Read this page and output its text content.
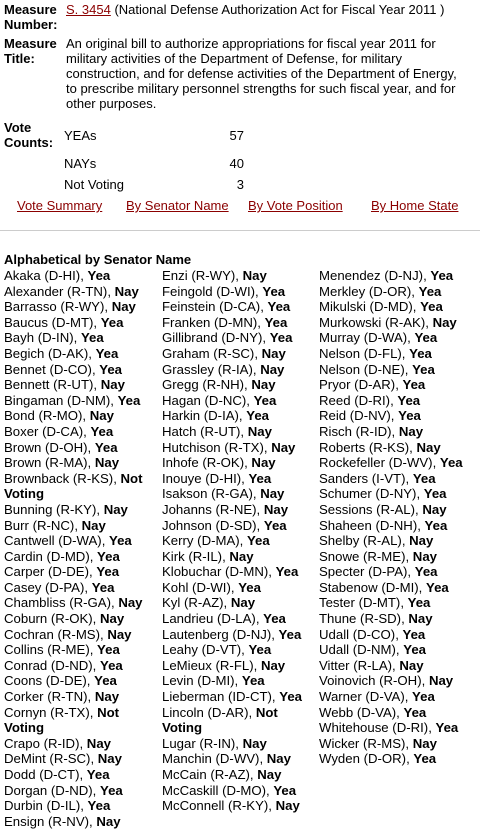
Measure Number:	S. 3454 (National Defense Authorization Act for Fiscal Year 2011 )
Measure Title:	An original bill to authorize appropriations for fiscal year 2011 for military activities of the Department of Defense, for military construction, and for defense activities of the Department of Energy, to prescribe military personnel strengths for such fiscal year, and for other purposes.
Vote Counts: YEAs	57
NAYs	40
Not Voting	3
Vote Summary By Senator Name By Vote Position By Home State
Alphabetical by Senator Name
Akaka (D-HI), Yea
Alexander (R-TN), Nay
Barrasso (R-WY), Nay
Baucus (D-MT), Yea
Bayh (D-IN), Yea
Begich (D-AK), Yea
Bennet (D-CO), Yea
Bennett (R-UT), Nay
Bingaman (D-NM), Yea
Bond (R-MO), Nay
Boxer (D-CA), Yea
Brown (D-OH), Yea
Brown (R-MA), Nay
Brownback (R-KS), Not Voting
Bunning (R-KY), Nay
Burr (R-NC), Nay
Cantwell (D-WA), Yea
Cardin (D-MD), Yea
Carper (D-DE), Yea
Casey (D-PA), Yea
Chambliss (R-GA), Nay
Coburn (R-OK), Nay
Cochran (R-MS), Nay
Collins (R-ME), Yea
Conrad (D-ND), Yea
Coons (D-DE), Yea
Corker (R-TN), Nay
Cornyn (R-TX), Not Voting
Crapo (R-ID), Nay
DeMint (R-SC), Nay
Dodd (D-CT), Yea
Dorgan (D-ND), Yea
Durbin (D-IL), Yea
Ensign (R-NV), Nay
Enzi (R-WY), Nay
Feingold (D-WI), Yea
Feinstein (D-CA), Yea
Franken (D-MN), Yea
Gillibrand (D-NY), Yea
Graham (R-SC), Nay
Grassley (R-IA), Nay
Gregg (R-NH), Nay
Hagan (D-NC), Yea
Harkin (D-IA), Yea
Hatch (R-UT), Nay
Hutchison (R-TX), Nay
Inhofe (R-OK), Nay
Inouye (D-HI), Yea
Isakson (R-GA), Nay
Johanns (R-NE), Nay
Johnson (D-SD), Yea
Kerry (D-MA), Yea
Kirk (R-IL), Nay
Klobuchar (D-MN), Yea
Kohl (D-WI), Yea
Kyl (R-AZ), Nay
Landrieu (D-LA), Yea
Lautenberg (D-NJ), Yea
Leahy (D-VT), Yea
LeMieux (R-FL), Nay
Levin (D-MI), Yea
Lieberman (ID-CT), Yea
Lincoln (D-AR), Not Voting
Lugar (R-IN), Nay
Manchin (D-WV), Nay
McCain (R-AZ), Nay
McCaskill (D-MO), Yea
McConnell (R-KY), Nay
Menendez (D-NJ), Yea
Merkley (D-OR), Yea
Mikulski (D-MD), Yea
Murkowski (R-AK), Nay
Murray (D-WA), Yea
Nelson (D-FL), Yea
Nelson (D-NE), Yea
Pryor (D-AR), Yea
Reed (D-RI), Yea
Reid (D-NV), Yea
Risch (R-ID), Nay
Roberts (R-KS), Nay
Rockefeller (D-WV), Yea
Sanders (I-VT), Yea
Schumer (D-NY), Yea
Sessions (R-AL), Nay
Shaheen (D-NH), Yea
Shelby (R-AL), Nay
Snowe (R-ME), Nay
Specter (D-PA), Yea
Stabenow (D-MI), Yea
Tester (D-MT), Yea
Thune (R-SD), Nay
Udall (D-CO), Yea
Udall (D-NM), Yea
Vitter (R-LA), Nay
Voinovich (R-OH), Nay
Warner (D-VA), Yea
Webb (D-VA), Yea
Whitehouse (D-RI), Yea
Wicker (R-MS), Nay
Wyden (D-OR), Yea
